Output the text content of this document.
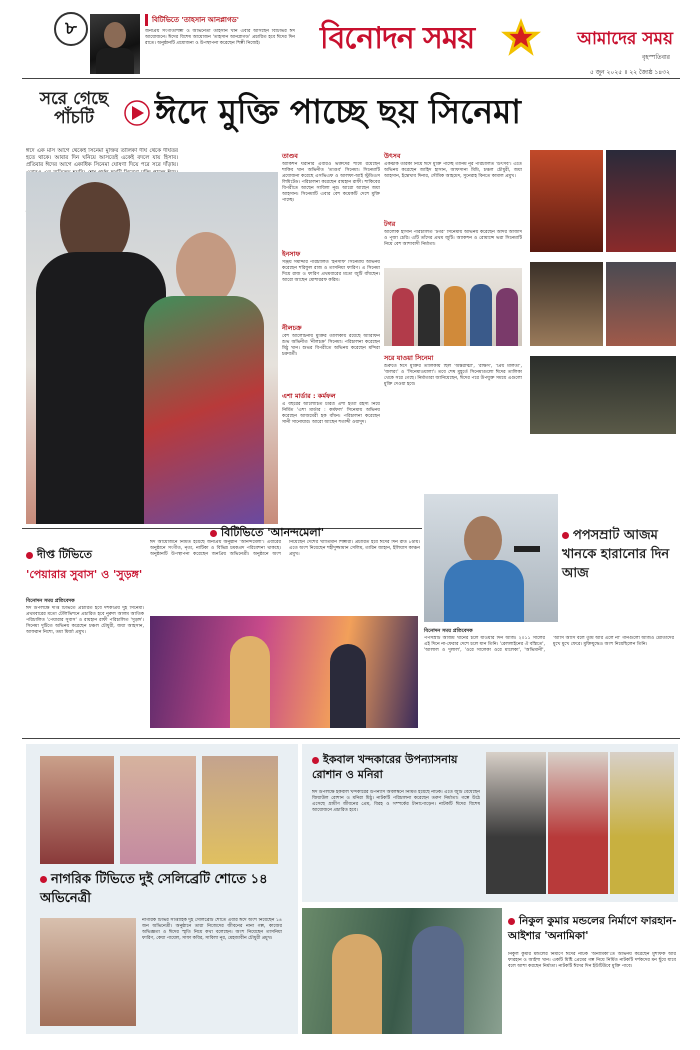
৮	বিটিভিতে 'তাহসান আনপ্লাগড'
জনপ্রিয় সংগীতশিল্পী ও অভিনেতা তাহসান খান এবার আসছেন বিটিভির ঈদ আয়োজনে। ঈদের বিশেষ আয়োজন 'তাহসান আনপ্লাগড' প্রচারিত হবে ঈদের দিন রাতে। অনুষ্ঠানটি প্রযোজনা ও উপস্থাপনা করেছেন শিল্পী নিজেই।	বিনোদন সময়	আমাদের সময়
বৃহস্পতিবার
৫ জুন ২০২৫ ॥ ২২ জ্যৈষ্ঠ ১৪৩২
সরে গেছে পাঁচটি	ঈদে মুক্তি পাচ্ছে ছয় সিনেমা
ঈদে এক মাস আগে থেকেই সিনেমা মুক্তির তালিকা দীর্ঘ থেকে দীর্ঘতর হতে থাকে। আবার দিন ঘনিয়ে আসতেই একেই বদলে যায় হিসাব। প্রতিবার ঈদের আগে একাধিক সিনেমা ঘোষণা দিয়ে পরে সরে দাঁড়ায়।
তাণ্ডব
অ্যাকশন ঘরানার এবারও ভক্তদের শীর্ষে রয়েছেন শাকিব খান অভিনীত 'তাণ্ডব' সিনেমা। সিনেমাটি প্রযোজনা করেছে এসভিএফ ও আলফা-আই স্টুডিওস লিমিটেড। পরিচালনা করেছেন রায়হান রাফী। শাকিবের বিপরীতে আছেন সাবিলা নূর। আরো আছেন জয়া আহসান। সিনেমাটি এবার বেশ কয়েকটি দেশে মুক্তি পাচ্ছে।
ইনসাফ
সঞ্জয় সমাদ্দার পরিচালিত 'ইনসাফ' সিনেমায় অভিনয় করেছেন শরিফুল রাজ ও তাসনিয়া ফারিণ। এ সিনেমা দিয়ে রাজ ও ফারিণ প্রথমবারের মতো জুটি বাঁধছেন। আরো আছেন মোশাররফ করিম।
নীলচক্র
বেশ আলোচনায় মুক্তির তালিকায় রয়েছে আরিফিন শুভ অভিনীত 'নীলচক্র' সিনেমা। পরিচালনা করেছেন মিঠু খান। শুভর বিপরীতে অভিনয় করেছেন মন্দিরা চক্রবর্তী।
এশা মার্ডার : কর্মফল
এ বছরের আলোচিত চরিত্র এশা হত্যা রহস্য নিয়ে নির্মিত 'এশা মার্ডার : কর্মফল' সিনেমায় অভিনয় করেছেন আজমেরী হক বাঁধন। পরিচালনা করেছেন সানী সানোয়ার। আরো আছেন শতাব্দী ওয়াদুদ।
উৎসব
একঝাঁক তারকা নিয়ে ঈদে মুক্তি পাচ্ছে তানিম নূর পরিচালিত 'উৎসব'। এতে অভিনয় করেছেন জাহিদ হাসান, আফসানা মিমি, চঞ্চল চৌধুরী, জয়া আহসান, ইন্তেখাব দিনার, সৌমিক আহমেদ, সুনেরাহ বিনতে কামাল প্রমুখ।
টগর
আলোক হাসান পরিচালিত 'টগর' সিনেমায় অভিনয় করেছেন আদর আজাদ ও পূজা চেরি। এটি তাঁদের প্রথম জুটি। অ্যাকশন ও রোমান্সে ভরা সিনেমাটি নিয়ে বেশ আশাবাদী নির্মাতা।
সরে যাওয়া সিনেমা
শুরুতে ঈদে মুক্তির তালিকায় ছিল 'অন্তরাত্মা', 'রাক্ষস', 'প্রিয় মালতী', 'জলরং' ও 'সিনেমাওয়ালা'। তবে শেষ মুহূর্তে সিনেমাগুলো ঈদের তালিকা থেকে সরে গেছে। নির্মাতারা জানিয়েছেন, ঈদের পরে উপযুক্ত সময়ে এগুলো মুক্তি দেওয়া হবে।
বিটিভিতে 'আনন্দমেলা'
ঈদ আয়োজনে নির্মিত হয়েছে জনপ্রিয় অনুষ্ঠান 'আনন্দমেলা'। এবারের অনুষ্ঠানে সংগীত, নৃত্য, নাটিকা ও বিভিন্ন চমকপ্রদ পরিবেশনা থাকছে। অনুষ্ঠানটি উপস্থাপনা করেছেন জনপ্রিয় অভিনেত্রী। অনুষ্ঠানে অংশ নিয়েছেন দেশের খ্যাতিমান শিল্পীরা। প্রচারিত হবে ঈদের দিন রাত ৮টায়। এতে অংশ নিয়েছেন শহীদুজ্জামান সেলিম, তারিন জাহান, ইলিয়াস কাঞ্চন প্রমুখ।
দীপ্ত টিভিতে
'পেয়ারার সুবাস' ও 'সুড়ঙ্গ'
বিনোদন সময় প্রতিবেদক
ঈদ উপলক্ষে দীপ্ত টিভিতে প্রচারিত হবে দর্শকপ্রিয় দুই সিনেমা। প্রথমবারের মতো টেলিভিশনে প্রচারিত হবে নুরুল আলম আতিক পরিচালিত 'পেয়ারার সুবাস' ও রায়হান রাফী পরিচালিত 'সুড়ঙ্গ'। সিনেমা দুটিতে অভিনয় করেছেন চঞ্চল চৌধুরী, জয়া আহসান, আফরান নিশো, তমা মির্জা প্রমুখ।
পপসম্রাট আজম খানকে হারানোর দিন আজ
বিনোদন সময় প্রতিবেদক
পপসম্রাট আজম খানের চলে যাওয়ার দিন আজ। ২০১১ সালের এই দিনে না-ফেরার দেশে চলে যান তিনি। 'রেললাইনের ঐ বস্তিতে', 'আলাল ও দুলাল', 'ওরে সালেকা ওরে মালেকা', 'অভিমানী', 'আসি আসি বলে তুমি আর এলে না' গানগুলো আজও শ্রোতাদের মুখে মুখে ফেরে। মুক্তিযুদ্ধেও অংশ নিয়েছিলেন তিনি।
নাগরিক টিভিতে দুই সেলিব্রেটি শোতে ১৪ অভিনেত্রী
নাগরিক টিভির সাপ্তাহিক দুই সেলিব্রেটি শোতে এবার ঈদে অংশ নিয়েছেন ১৪ জন অভিনেত্রী। অনুষ্ঠানে তারা নিজেদের জীবনের নানা গল্প, কাজের অভিজ্ঞতা ও ঈদের স্মৃতি নিয়ে কথা বলেছেন। অংশ নিয়েছেন তাসনিয়া ফারিণ, কেয়া পায়েল, সাফা কবির, সাবিলা নূর, মেহজাবীন চৌধুরী প্রমুখ।
ইকবাল খন্দকারের উপন্যাসনায় রোশান ও মনিরা
ঈদ উপলক্ষে ইকবাল খন্দকারের উপন্যাস অবলম্বনে নির্মিত হয়েছে নাটক। এতে জুটি বেঁধেছেন জিয়াউল রোশান ও মনিরা মিঠু। নাটকটি পরিচালনা করেছেন তরুণ নির্মাতা। গল্পে উঠে এসেছে গ্রামীণ জীবনের প্রেম, বিরহ ও সম্পর্কের টানাপোড়েন। নাটকটি ঈদের বিশেষ আয়োজনে প্রচারিত হবে।
নিকুল কুমার মন্ডলের নির্মাণে ফারহান-আইশার 'অনামিকা'
নিকুল কুমার মন্ডলের নির্মাণে ঈদের নাটক 'অনামিকা'তে অভিনয় করেছেন মুশফিক আর ফারহান ও আইশা খান। একটি মিষ্টি প্রেমের গল্প নিয়ে নির্মিত নাটকটি দর্শকদের মন ছুঁয়ে যাবে বলে আশা করছেন নির্মাতা। নাটকটি ঈদের দিন ইউটিউবে মুক্তি পাবে।
